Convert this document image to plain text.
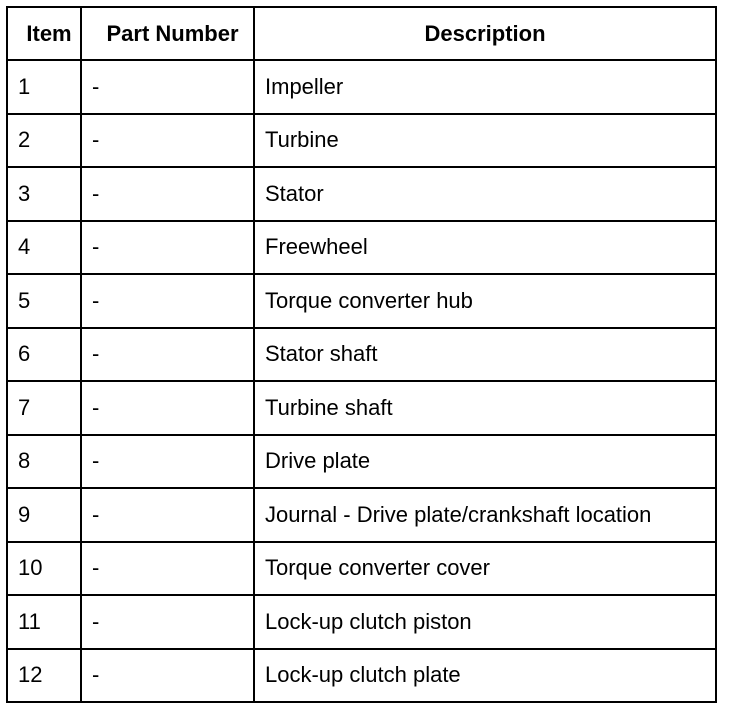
Item	Part Number	Description
1	-	Impeller
2	-	Turbine
3	-	Stator
4	-	Freewheel
5	-	Torque converter hub
6	-	Stator shaft
7	-	Turbine shaft
8	-	Drive plate
9	-	Journal - Drive plate/crankshaft location
10	-	Torque converter cover
11	-	Lock-up clutch piston
12	-	Lock-up clutch plate
